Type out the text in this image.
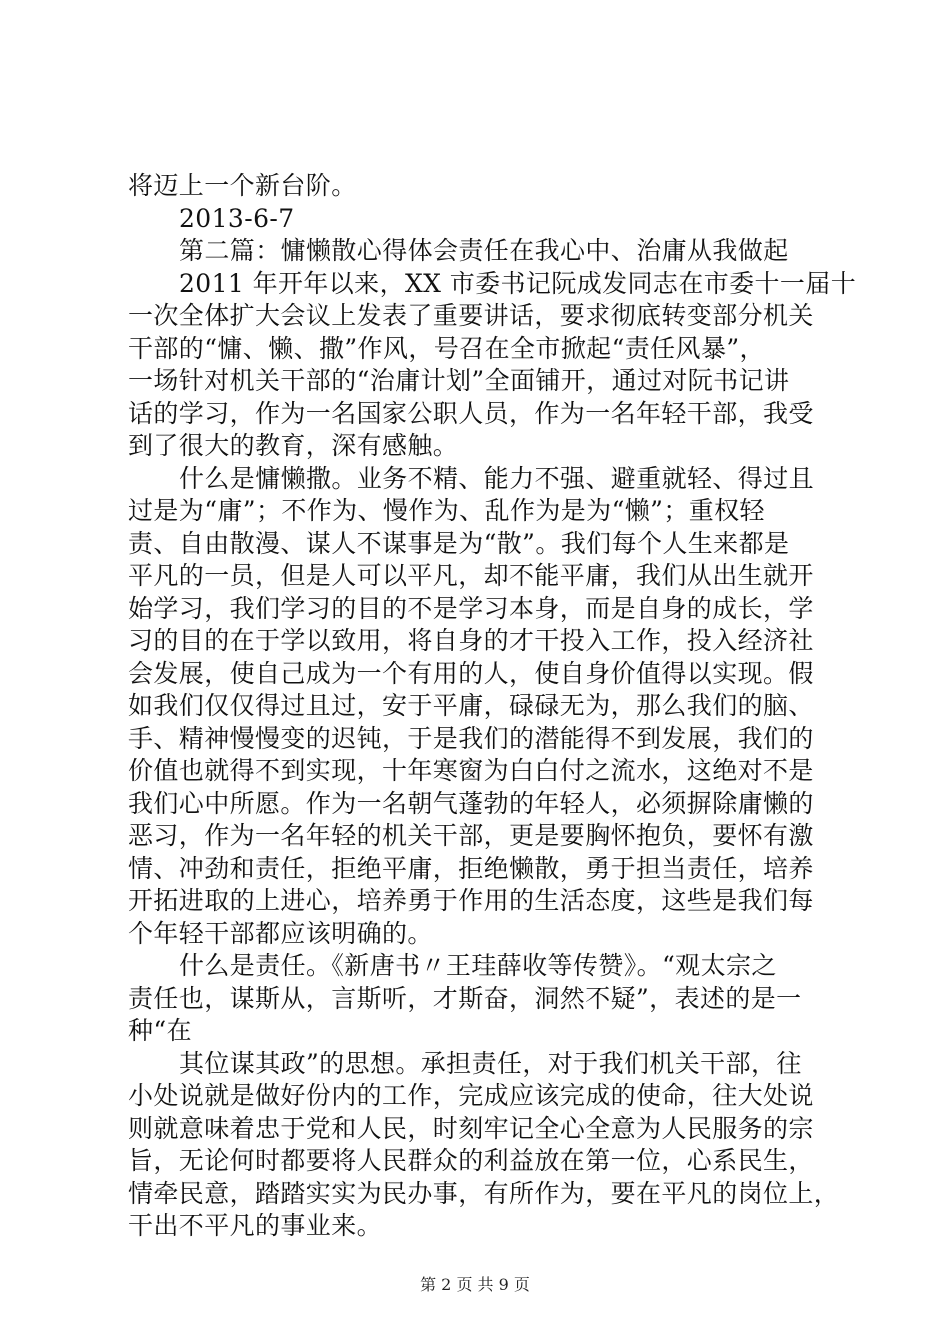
将迈上一个新台阶。
2013-6-7
第二篇：慵懒散心得体会责任在我心中、治庸从我做起
2011 年开年以来，XX 市委书记阮成发同志在市委十一届十
一次全体扩大会议上发表了重要讲话，要求彻底转变部分机关
干部的“慵、懒、撒”作风，号召在全市掀起“责任风暴”，
一场针对机关干部的“治庸计划”全面铺开，通过对阮书记讲
话的学习，作为一名国家公职人员，作为一名年轻干部，我受
到了很大的教育，深有感触。
什么是慵懒撒。业务不精、能力不强、避重就轻、得过且
过是为“庸”；不作为、慢作为、乱作为是为“懒”；重权轻
责、自由散漫、谋人不谋事是为“散”。我们每个人生来都是
平凡的一员，但是人可以平凡，却不能平庸，我们从出生就开
始学习，我们学习的目的不是学习本身，而是自身的成长，学
习的目的在于学以致用，将自身的才干投入工作，投入经济社
会发展，使自己成为一个有用的人，使自身价值得以实现。假
如我们仅仅得过且过，安于平庸，碌碌无为，那么我们的脑、
手、精神慢慢变的迟钝，于是我们的潜能得不到发展，我们的
价值也就得不到实现，十年寒窗为白白付之流水，这绝对不是
我们心中所愿。作为一名朝气蓬勃的年轻人，必须摒除庸懒的
恶习，作为一名年轻的机关干部，更是要胸怀抱负，要怀有激
情、冲劲和责任，拒绝平庸，拒绝懒散，勇于担当责任，培养
开拓进取的上进心，培养勇于作用的生活态度，这些是我们每
个年轻干部都应该明确的。
什么是责任。《新唐书〃王珪薛收等传赞》。“观太宗之
责任也，谋斯从，言斯听，才斯奋，洞然不疑”，表述的是一
种“在
其位谋其政”的思想。承担责任，对于我们机关干部，往
小处说就是做好份内的工作，完成应该完成的使命，往大处说
则就意味着忠于党和人民，时刻牢记全心全意为人民服务的宗
旨，无论何时都要将人民群众的利益放在第一位，心系民生，
情牵民意，踏踏实实为民办事，有所作为，要在平凡的岗位上，
干出不平凡的事业来。
第 2 页 共 9 页
